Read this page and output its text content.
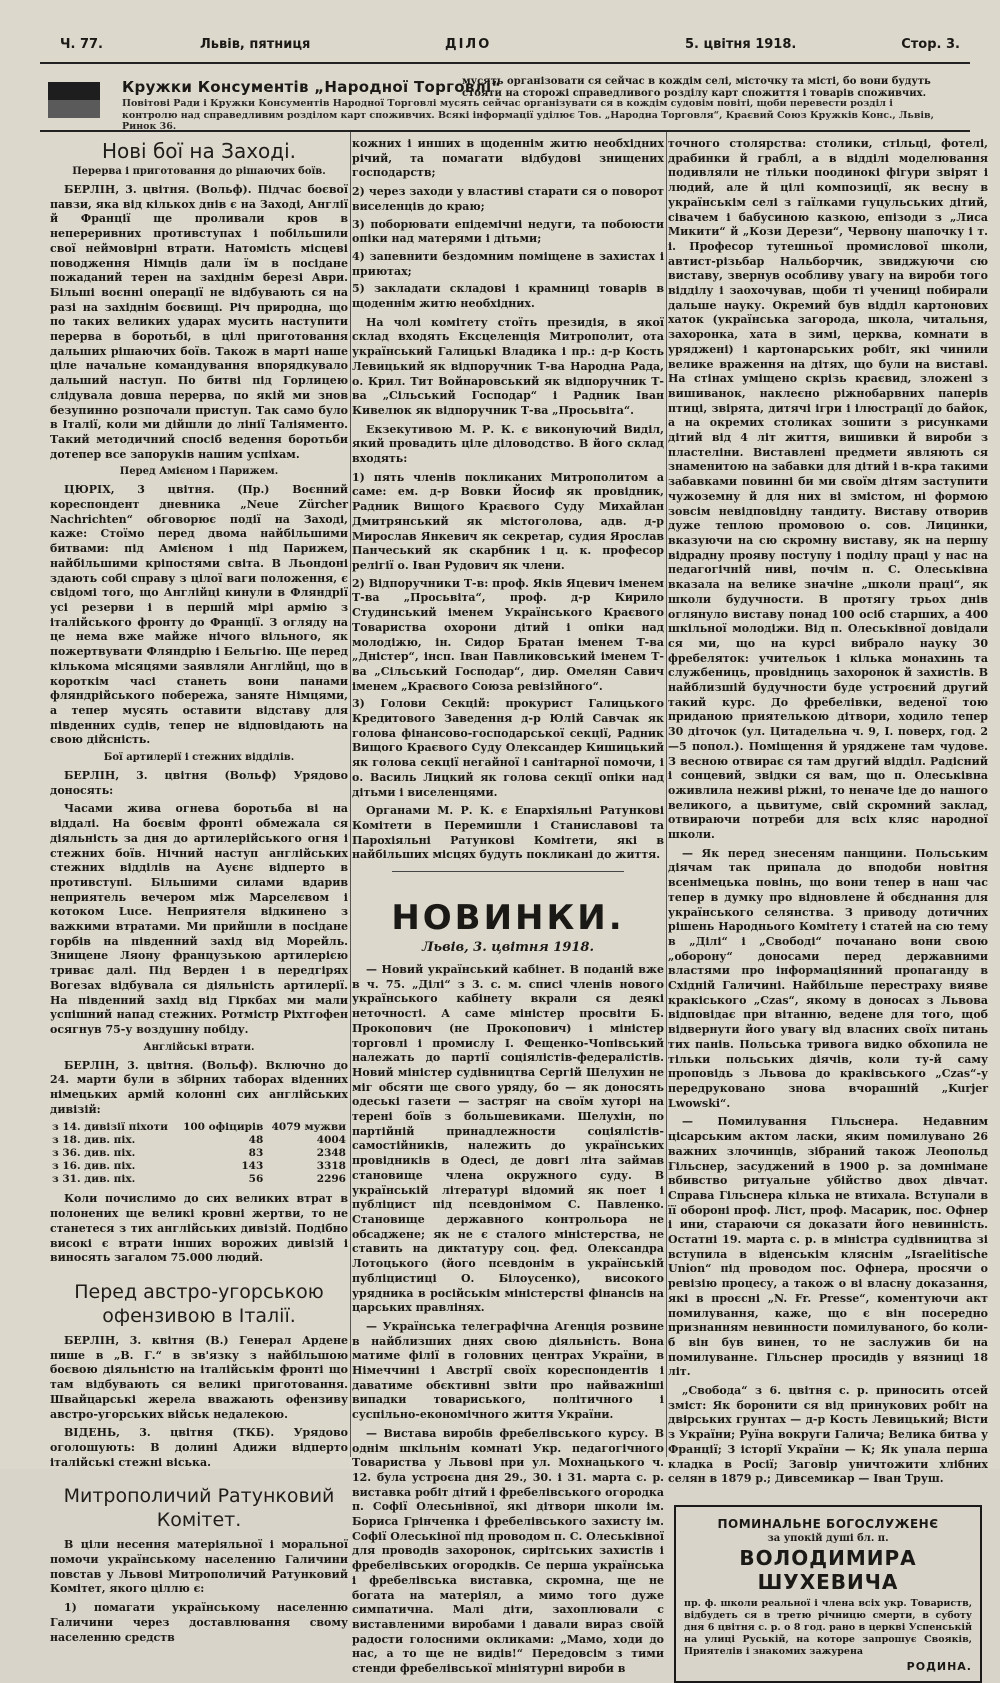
Ч. 77.	Львів, пятниця	ДІЛО	5. цвітня 1918.	Стор. 3.
Кружки Консументів „Народної Торговлі“
мусять організовати ся сейчас в кождім селі, місточку та місті, бо вони будуть стояти на сторожі справедливого розділу карт спожиття і товарів споживчих.
Повітові Ради і Кружки Консументів Народної Торговлі мусять сейчас організувати ся в кождім судовім повіті, щоби перевести розділ і контролю над справедливим розділом карт споживчих. Всякі інформації уділює Тов. „Народна Торговля“, Краєвий Союз Кружків Конс., Львів, Ринок 36.
Нові бої на Заході.
Перерва і приготовання до рішаючих боїв.

БЕРЛІН, 3. цвітня. (Вольф). Підчас боєвої павзи, яка від кількох днів є на Заході, Англії й Франції ще проливали кров в непереривних противступах і побільшили свої неймовірні втрати. Натомість місцеві поводження Німців дали їм в посідане пожаданий терен на західнім березі Аври. Більші воєнні операції не відбувають ся на разі на західнім боєвищі. Річ природна, що по таких великих ударах мусить наступити перерва в боротьбі, в цілі приготовання дальших рішаючих боїв. Також в марті наше ціле начальне командування впорядкувало дальший наступ. По битві під Горлицею слідувала довша перерва, по якій ми знов безупинно розпочали приступ. Так само було в Італії, коли ми дійшли до лінії Таліяменто. Такий методичний спосіб ведення боротьби дотепер все запоруків нашим успіхам.

Перед Амієном і Парижем.

ЦЮРІХ, 3 цвітня. (Пр.) Воєнний кореспондент дневника „Neue Zürcher Nachrichten“ обговорює події на Заході, каже: Стоїмо перед двома найбільшими битвами: під Амієном і під Парижем, найбільшими кріпостями світа. В Льондоні здають собі справу з цілої ваги положення, є свідомі того, що Англійці кинули в Фляндрії усі резерви і в першій мірі армію з італійського фронту до Франції. З огляду на це нема вже майже нічого вільного, як пожертвувати Фляндрію і Бельгію. Ще перед кількома місяцями заявляли Англійці, що в короткім часі станеть вони панами фляндрійського побережа, заняте Німцями, а тепер мусять оставити відставу для південних судів, тепер не відповідають на свою дійсність.

Бої артилерії і стежних відділів.

БЕРЛІН, 3. цвітня (Вольф) Урядово доносять:

Часами жива огнева боротьба ві на віддалі. На боєвім фронті обмежала ся діяльність за дня до артилерійського огня і стежних боїв. Нічний наступ англійських стежних відділів на Ауєнє відперто в противступі. Більшими силами вдарив неприятель вечером між Марселєвом і котоком Luce. Неприятеля відкинено з важкими втратами. Ми прийшли в посідане горбів на південний захід від Морейль. Знищене Ляону французькою артилерією триває далі. Під Верден і в передгірях Вогезах відбувала ся діяльність артилерії. На південний захід від Гіркбах ми мали успішний напад стежних. Ротмістр Ріхтгофен осягнув 75-у воздушну побіду.

Англійські втрати.

БЕРЛІН, 3. цвітня. (Вольф). Включно до 24. марти були в збірних таборах віденних німецьких армій колонні сих англійських дивізій:

з 14. дивізії піхоти	100 офіцирів	4079 мужви
з 18. див. піх.	48	4004
з 36. див. піх.	83	2348
з 16. див. піх.	143	3318
з 31. див. піх.	56	2296

Коли почислимо до сих великих втрат в полонених ще великі кровні жертви, то не станетеся з тих англійських дивізій. Подібно високі є втрати інших ворожих дивізій і виносять загалом 75.000 людий.

Перед австро-угорською офензивою в Італії.

БЕРЛІН, 3. квітня (В.) Генерал Ардене пише в „В. Г.“ в зв'язку з найбільшою боєвою діяльністю на італійськім фронті що там відбувають ся великі приготовання. Швайцарські жерела вважають офензиву австро-угорських військ недалекою.

ВІДЕНЬ, 3. цвітня (ТКБ). Урядово оголошують: В долині Адижи відперто італійські стежні віська.

Митрополичий Ратунковий Комітет.

В ціли несення матеріяльної і моральної помочи українському населенню Галичини повстав у Львові Митрополичий Ратунковий Комітет, якого ціллю є:

1) помагати українському населенню Галичини через доставлювання свому населенню средств

кожних і инших в щоденнім житю необхідних річий, та помагати відбудові знищених господарств;

2) через заходи у властиві старати ся о поворот виселенців до краю;
3) поборювати епідемічні недуги, та побоюсти опіки над матерями і дітьми;
4) запевнити бездомним поміщене в захистах і приютах;
5) закладати складові і крамниці товарів в щоденнім житю необхідних.

На чолі комітету стоїть президія, в якої склад входять Ексцеленція Митрополит, ота український Галицькі Владика і пр.: д-р Кость Левицький як відпоручник Т-ва Народна Рада, о. Крил. Тит Войнаровський як відпоручник Т-ва „Сільський Господар“ і Радник Іван Кивелюк як відпоручник Т-ва „Просьвіта“.

Екзекутивою М. Р. К. є виконуючий Виділ, який провадить ціле діловодство. В його склад входять:

1) пять членів покликаних Митрополитом а саме: ем. д-р Вовки Йосиф як провідник, Радник Вищого Краєвого Суду Михайлан Дмитрянський як містоголова, адв. д-р Мирослав Янкевич як секретар, судия Ярослав Панчеський як скарбник і ц. к. професор релігії о. Іван Рудович як члени.
2) Відпоручники Т-в: проф. Яків Яцевич іменем Т-ва „Просьвіта“, проф. д-р Кирило Студинський іменем Українського Краєвого Товариства охорони дітий і опіки над молодіжю, ін. Сидор Братан іменем Т-ва „Дністер“, інсп. Іван Павликовський іменем Т-ва „Сільський Господар“, дир. Омелян Савич іменем „Краєвого Союза ревізійного“.
3) Голови Секцій: прокурист Галицького Кредитового Заведення д-р Юлій Савчак як голова фінансово-господарської секції, Радник Вищого Краєвого Суду Олександер Кишицький як голова секції негайної і санітарної помочи, і о. Василь Лицкий як голова секції опіки над дітьми і виселенцями.

Органами М. Р. К. є Епархіяльні Ратункові Комітети в Перемишли і Станиславові та Парохіяльні Ратункові Комітети, які в найбільших місцях будуть покликані до життя.

НОВИНКИ.
Львів, 3. цвітня 1918.

— Новий український кабінет. В поданій вже в ч. 75. „Ділі“ з 3. с. м. списі членів нового українського кабінету вкрали ся деякі неточності. А саме міністер просвіти Б. Прокопович (не Прокопович) і міністер торговлі і промислу І. Фещенко-Чопівський належать до партії соціялістів-федералістів. Новий міністер судівництва Сергій Шелухин не міг обсяти ще свого уряду, бо — як доносять одеські газети — застряг на своїм хуторі на терені боїв з большевиками. Шелухін, по партійній принадлежности соціялістів-самостійників, належить до українських провідників в Одесі, де довгі літа займав становище члена окружного суду. В українській літературі відомий як поет і публіцист під псевдонімом С. Павленко. Становище державного контрольора не обсаджене; як не є сталого міністерства, не ставить на диктатуру соц. фед. Олександра Лотоцького (його псевдонім в українській публіцистиці О. Білоусенко), високого урядника в російськім міністерстві фінансів на царських правлінях.

— Українська телеграфічна Агенція розвине в найблизших днях свою діяльність. Вона матиме філії в головних центрах України, в Німеччині і Австрії своїх кореспондентів і даватиме обєктивні звіти про найважніші випадки товариського, політичного і суспільно-економічного життя України.

— Виставa виробів фребелівського курсу. В однім шкільнім комнаті Укр. педагогічного Товариства у Львові при ул. Мохнацького ч. 12. була устроєна дня 29., 30. і 31. марта с. р. виставка робіт дітий і фребелівського огородка п. Софії Олесьнівної, які дітвори школи ім. Бориса Грінченка і фребелівського захисту ім. Софії Олеськіної під проводом п. С. Олеськівної для проводів захоронок, сирітських захистів і фребелівських огородків. Се перша українська і фребелівська виставка, скромна, ще не богата на матеріял, а мимо того дуже симпатична. Малі діти, захоплювали с виставленими виробами і давали вираз своїй радости голосними окликами: „Мамо, ходи до нас, а то ще не видів!“ Передовсім з тими стенди фребелівської мініятурні вироби в

точного столярства: столики, стільці, фотелі, драбинки й граблі, а в відділі моделювання подивляли не тільки поодинокі фігури звірят і людий, але й цілі композиції, як весну в українськім селі з гаїлками гуцульських дітий, сівачем і бабусиною казкою, епізоди з „Лиса Микити“ й „Кози Дерези“, Червону шапочку і т. і. Професор тутешньої промислової школи, автист-різьбар Нальборчик, звиджуючи сю виставу, звернув особливу увагу на вироби того відділу і заохочував, щоби ті учениці побирали дальше науку. Окремий був відділ картонових хаток (українська загорода, школа, читальня, захоронка, хата в зимі, церква, комнати в уряджені) і картонарських робіт, які чинили велике враження на дітях, що були на виставі. На стінах уміщено скрізь краєвид, зложені з вишиванок, наклеєно ріжнобарвних паперів птиці, звірята, дитячі ігри і ілюстрації до байок, а на окремих столиках зошити з рисунками дітий від 4 літ життя, вишивки й вироби з пластеліни. Виставлені предмети являють ся знаменитою на забавки для дітий і в-кра такими забавками повинні би ми своїм дітям заступити чужоземну й для них ві змістом, ні формою зовсім невідповідну тандиту. Виставу отворив дуже теплою промовою о. сов. Лицинки, вказуючи на сю скромну виставу, як на першу відрадну прояву поступу і поділу праці у нас на педагогічній ниві, почім п. С. Олеськівна вказала на велике значіне „школи праці“, як школи будучности. В протягу трьох днів оглянуло виставу понад 100 осіб старших, а 400 шкільної молодіжи. Від п. Олеськівної довідали ся ми, що на курсі вибрало науку 30 фребеляток: учительок і кілька монахинь та службениць, провідниць захоронок й захистів. В найблизшій будучности буде устроєний другий такий курс. До фребелівки, веденої тою приданою приятелькою дітвори, ходило тепер 30 діточок (ул. Цитадельна ч. 9, I. поверх, год. 2—5 попол.). Поміщення й уряджене там чудове. З весною отвирає ся там другий відділ. Радісний і сонцевий, звідки ся вам, що п. Олеськівна оживлила неживі ріжні, то неначе іде до нашого великого, а цьвитуме, свій скромний заклад, отвираючи потреби для всіх кляс народної школи.

— Як перед знесеням панщини. Польським діячам так припала до вподоби новітня всенімецька повінь, що вони тепер в наш час тепер в думку про відновлене й обєднання для українського селянства. З приводу дотичних рішень Народнього Комітету і статей на сю тему в „Ділі“ і „Свободі“ почанано вони свою „оборону“ доносами перед державними властями про інформаціянний пропаганду в Східній Галичині. Найбільше перестраху вияве кракіського „Czas“, якому в доносах з Львова відповідає при вітанню, ведене для того, щоб відвернути його увагу від власних своїх питань тих панів. Польська тривога видко обхопила не тільки польських діячів, коли ту-й саму проповідь з Львова до краківського „Czas“-у передруковано знова вчорашній „Kurjer Lwowski“.

— Помилування Гільснера. Недавним цісарським актом ласки, яким помилувано 26 важних злочинців, зібраний також Леопольд Гільснер, засуджений в 1900 р. за домнімане вбивство ритуальне убійство двох дівчат. Справа Гільснера кілька не втихала. Вступали в її обороні проф. Ліст, проф. Масарик, пос. Офнер і ини, стараючи ся доказати його невинність. Остатні 19. марта с. р. в міністра судівництва зі вступила в віденськім кляснім „Israelitische Union“ під проводом пос. Офнера, просячи о ревізію процесу, а також о ві власну доказання, які в проєсні „N. Fr. Presse“, коментуючи акт помилування, каже, що є він посередно признанням невинности помилуваного, бо коли-б він був винен, то не заслужив би на помилуванне. Гільснер просидів у вязниці 18 літ.

„Свобода“ з 6. цвітня с. р. приносить отсей зміст: Як боронити ся від принукових робіт на двірських грунтах — д-р Кость Левицький; Вісти з України; Руїна вокруги Галича; Велика битва у Франції; З історії України — К; Як упала перша кладка в Росії; Заговір уничтожити хлібних селян в 1879 р.; Дивсемикар — Іван Труш.

ПОМИНАЛЬНЕ БОГОСЛУЖЕНЄ
за упокій душі бл. п.
ВОЛОДИМИРА ШУХЕВИЧА
пр. ф. школи реальної і члена всіх укр. Товариств, відбудеть ся в третю річницю смерти, в суботу дня 6 цвітня с. р. о 8 год. рано в церкві Успенській на улиці Руській, на которе запрошує Свояків, Приятелів і знакомих зажурена
РОДИНА.
